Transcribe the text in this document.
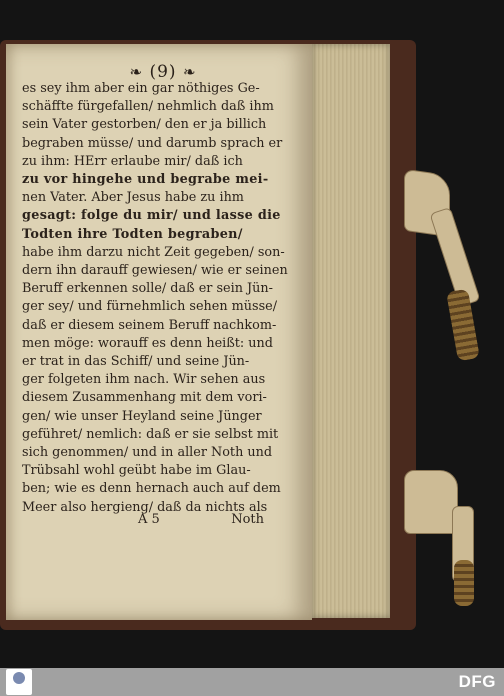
❧ (9) ❧
es sey ihm aber ein gar nöthiges Ge-
schäffte fürgefallen/ nehmlich daß ihm
sein Vater gestorben/ den er ja billich
begraben müsse/ und darumb sprach er
zu ihm: HErr erlaube mir/ daß ich
zu vor hingehe und begrabe mei-
nen Vater. Aber Jesus habe zu ihm
gesagt: folge du mir/ und lasse die
Todten ihre Todten begraben/
habe ihm darzu nicht Zeit gegeben/ son-
dern ihn darauff gewiesen/ wie er seinen
Beruff erkennen solle/ daß er sein Jün-
ger sey/ und fürnehmlich sehen müsse/
daß er diesem seinem Beruff nachkom-
men möge: worauff es denn heißt: und
er trat in das Schiff/ und seine Jün-
ger folgeten ihm nach. Wir sehen aus
diesem Zusammenhang mit dem vori-
gen/ wie unser Heyland seine Jünger
geführet/ nemlich: daß er sie selbst mit
sich genommen/ und in aller Noth und
Trübsahl wohl geübt habe im Glau-
ben; wie es denn hernach auch auf dem
Meer also hergieng/ daß da nichts als
A 5	Noth
DFG
